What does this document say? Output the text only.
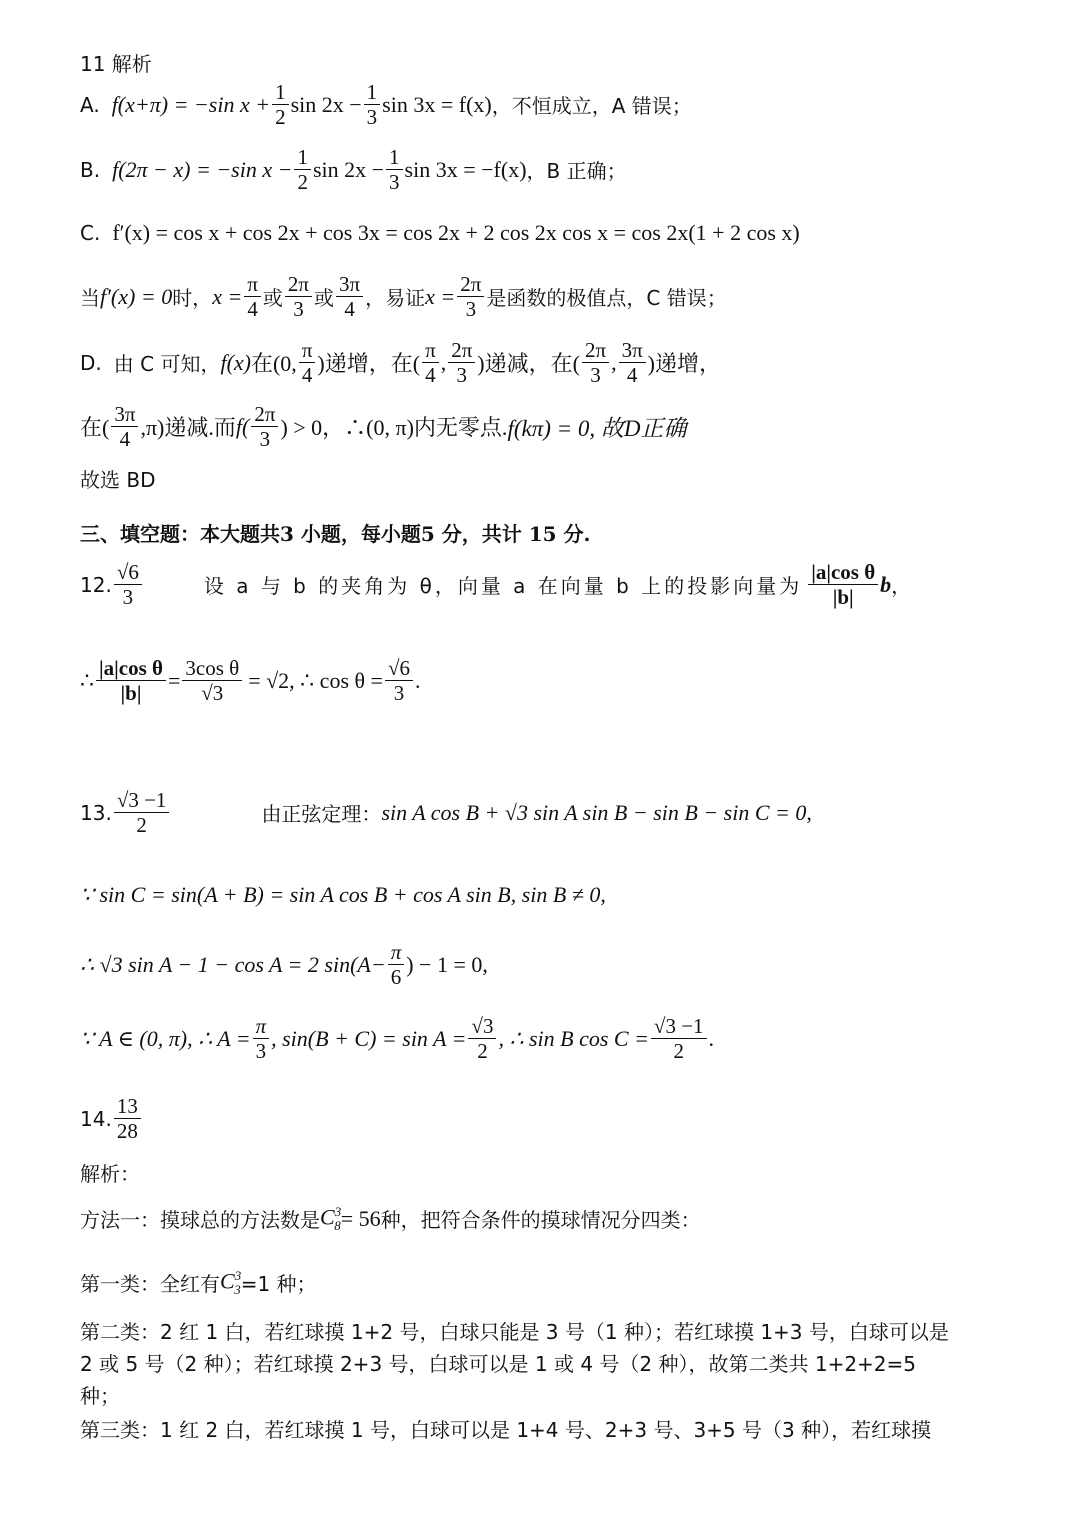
11 解析
A. f(x+π) = −sin $x + \frac{1}{2}$ $\sin 2x - \frac{1}{3}$ sin 3x = f(x) ，不恒成立，A 错误；
B. f(2π − x) = −sin $x - \frac{1}{2}$ $\sin 2x - \frac{1}{3}$ sin 3x = −f(x) ，B 正确；
C. f′(x) = cos x + cos 2x + cos 3x = cos 2x + 2 cos 2x cos x = cos 2x(1 + 2 cos x)
当 f′(x) = 0 时， $x = \frac{\pi}{4}$ 或 $\frac{2\pi}{3}$ 或 $\frac{3\pi}{4}$ ，易证 $x = \frac{2\pi}{3}$ 是函数的极值点，C 错误；
D. 由 C 可知， f(x) 在(0, $\frac{\pi}{4}$ )递增，在( $\frac{\pi}{4}$ , $\frac{2\pi}{3}$ )递减，在( $\frac{2\pi}{3}$ , $\frac{3\pi}{4}$ )递增，
在( $\frac{3\pi}{4} ,\pi$)递减.而 $f( \frac{2\pi}{3}$ ) > 0，∴(0, π)内无零点. f(kπ) = 0, 故D正确
故选 BD
三、填空题：本大题共3 小题，每小题5 分，共计 15 分.
12. $\frac{√6}{3}$	设 a 与 b 的夹角为 θ，向量 a 在向量 b 上的投影向量为 $\frac{\text{|a|cos θ}}{|b|}$ b ，
∴ $\frac{\text{|a|cos θ}}{|b|} = \frac{\text{3cos θ}}{√3} = √2$, ∴ $\cos \theta = \frac{√6}{3}$ .
13. $\frac{√3 -1}{2}$	由正弦定理： sin A cos B + √3 sin A sin B − sin B − sin C = 0,
∵ sin C = sin(A + B) = sin A cos B + cos A sin B, sin B ≠ 0,
∴ √3 sin A − 1 − cos A = 2 $\sin(A- \frac{\pi}{6}$ ) − 1 = 0,
∵ A ∈ (0, π), ∴ $A = \frac{\pi}{3}$ , $\sin(B + C) = \sin A = \frac{√3}{2}$ , ∴ sin B $\cos C = \frac{√3 -1}{2}$ .
14. $\frac{13}{28}$
解析：
方法一：摸球总的方法数是 $C^3_8 = 56$ 种，把符合条件的摸球情况分四类：
第一类：全红有 $C^3_3 =1$ 种；
第二类：2 红 1 白，若红球摸 1+2 号，白球只能是 3 号（1 种）；若红球摸 1+3 号，白球可以是 2 或 5 号（2 种）；若红球摸 2+3 号，白球可以是 1 或 4 号（2 种），故第二类共 1+2+2=5 种；
第三类：1 红 2 白，若红球摸 1 号，白球可以是 1+4 号、2+3 号、3+5 号（3 种），若红球摸
